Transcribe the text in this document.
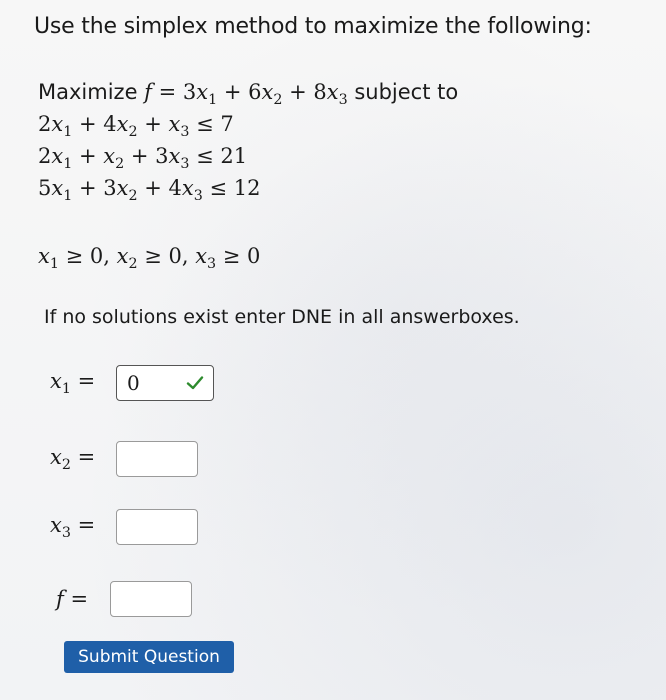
Use the simplex method to maximize the following:
Maximize $f = 3x_1 + 6x_2 + 8x_3$ subject to
$2x_1 + 4x_2 + x_3 \le 7$
$2x_1 + x_2 + 3x_3 \le 21$
$5x_1 + 3x_2 + 4x_3 \le 12$
$x_1 \ge 0$, $x_2 \ge 0$, $x_3 \ge 0$
If no solutions exist enter DNE in all answerboxes.
$x_1$ =	0
$x_2$ =
$x_3$ =
f =
Submit Question
